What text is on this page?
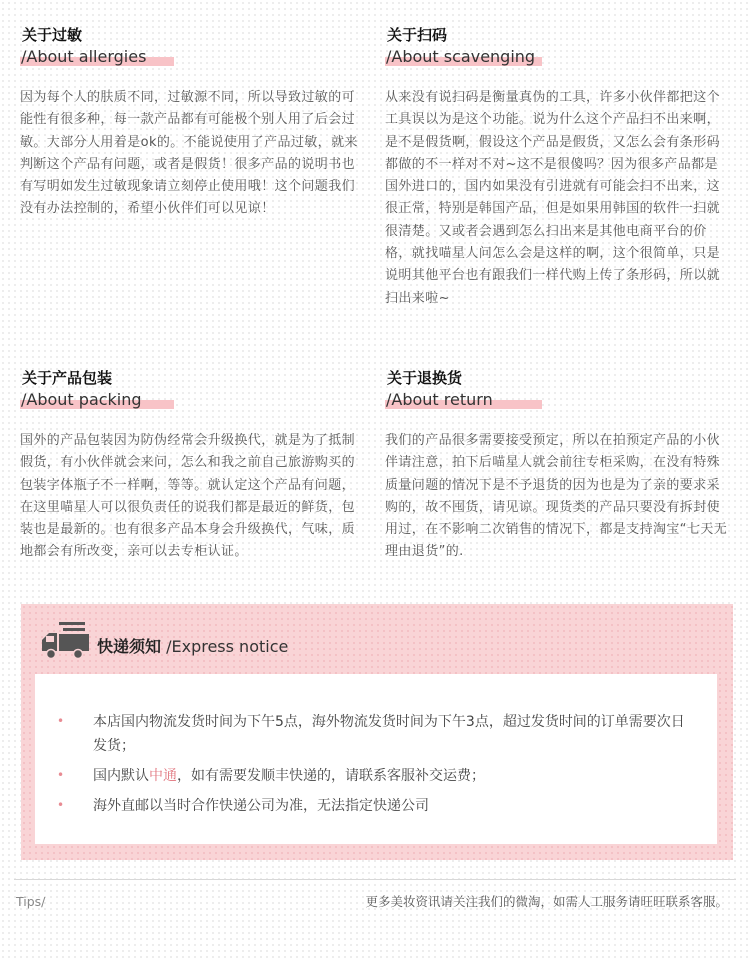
关于过敏
/About allergies
因为每个人的肤质不同，过敏源不同，所以导致过敏的可能性有很多种，每一款产品都有可能极个别人用了后会过敏。大部分人用着是ok的。不能说使用了产品过敏，就来判断这个产品有问题，或者是假货！很多产品的说明书也有写明如发生过敏现象请立刻停止使用哦！这个问题我们没有办法控制的，希望小伙伴们可以见谅！
关于扫码
/About scavenging
从来没有说扫码是衡量真伪的工具，许多小伙伴都把这个工具误以为是这个功能。说为什么这个产品扫不出来啊，是不是假货啊，假设这个产品是假货，又怎么会有条形码都做的不一样对不对~这不是很傻吗？因为很多产品都是国外进口的，国内如果没有引进就有可能会扫不出来，这很正常，特别是韩国产品，但是如果用韩国的软件一扫就很清楚。又或者会遇到怎么扫出来是其他电商平台的价格，就找喵星人问怎么会是这样的啊，这个很简单，只是说明其他平台也有跟我们一样代购上传了条形码，所以就扫出来啦~
关于产品包装
/About packing
国外的产品包装因为防伪经常会升级换代，就是为了抵制假货，有小伙伴就会来问，怎么和我之前自己旅游购买的包装字体瓶子不一样啊，等等。就认定这个产品有问题，在这里喵星人可以很负责任的说我们都是最近的鲜货，包装也是最新的。也有很多产品本身会升级换代，气味，质地都会有所改变，亲可以去专柜认证。
关于退换货
/About return
我们的产品很多需要接受预定，所以在拍预定产品的小伙伴请注意，拍下后喵星人就会前往专柜采购，在没有特殊质量问题的情况下是不予退货的因为也是为了亲的要求采购的，故不囤货，请见谅。现货类的产品只要没有拆封使用过，在不影响二次销售的情况下，都是支持淘宝“七天无理由退货”的.
快递须知 /Express notice
• 本店国内物流发货时间为下午5点，海外物流发货时间为下午3点，超过发货时间的订单需要次日发货；
• 国内默认中通，如有需要发顺丰快递的，请联系客服补交运费；
• 海外直邮以当时合作快递公司为准，无法指定快递公司
Tips/	更多美妆资讯请关注我们的微淘，如需人工服务请旺旺联系客服。
